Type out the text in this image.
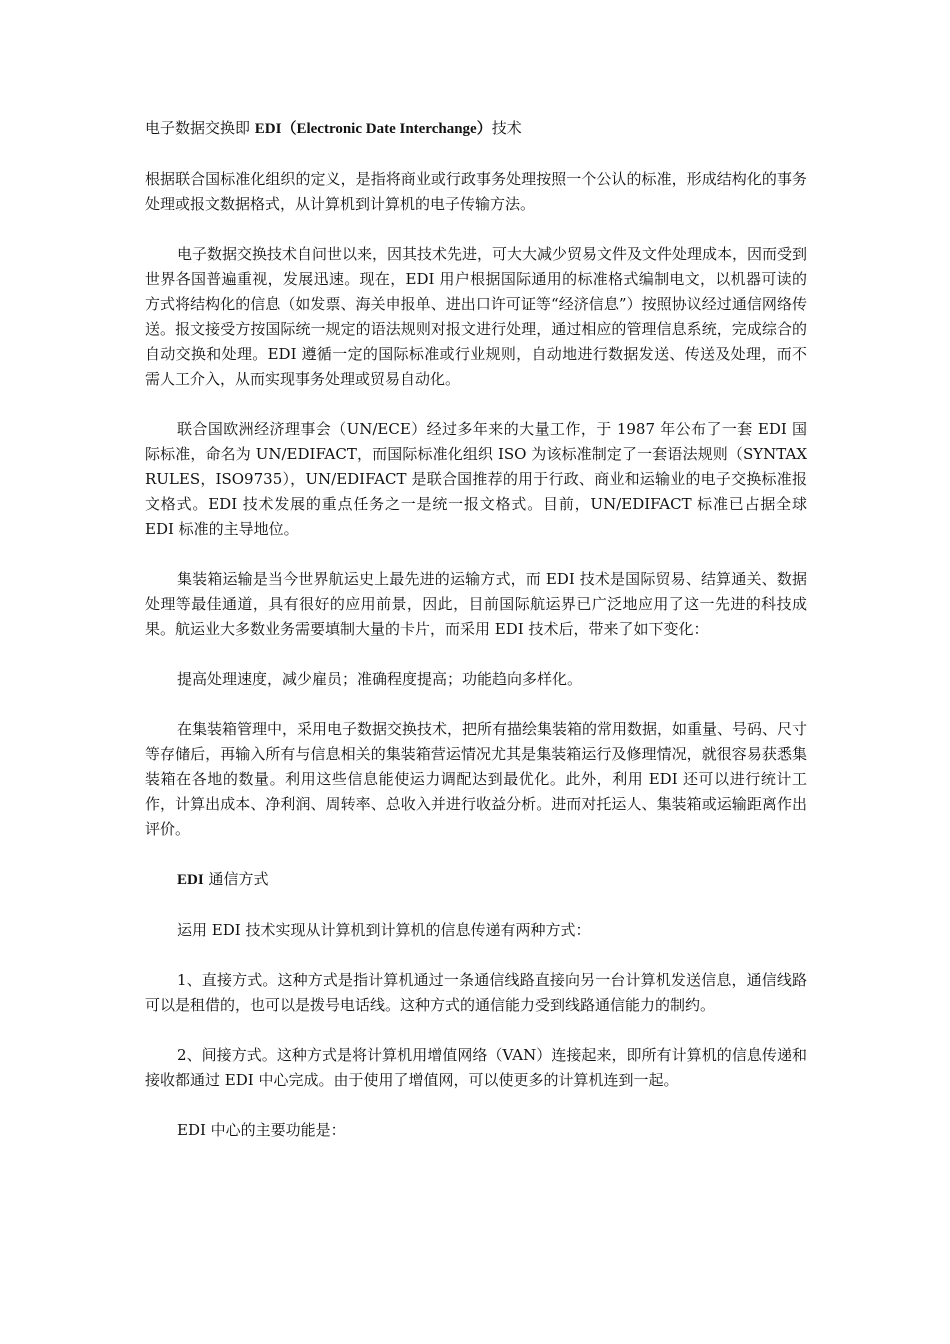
电子数据交换即 EDI（Electronic Date Interchange）技术

根据联合国标准化组织的定义，是指将商业或行政事务处理按照一个公认的标准，形成结构化的事务处理或报文数据格式，从计算机到计算机的电子传输方法。

电子数据交换技术自问世以来，因其技术先进，可大大减少贸易文件及文件处理成本，因而受到世界各国普遍重视，发展迅速。现在，EDI 用户根据国际通用的标准格式编制电文，以机器可读的方式将结构化的信息（如发票、海关申报单、进出口许可证等“经济信息”）按照协议经过通信网络传送。报文接受方按国际统一规定的语法规则对报文进行处理，通过相应的管理信息系统，完成综合的自动交换和处理。EDI 遵循一定的国际标准或行业规则，自动地进行数据发送、传送及处理，而不需人工介入，从而实现事务处理或贸易自动化。

联合国欧洲经济理事会（UN/ECE）经过多年来的大量工作，于 1987 年公布了一套 EDI 国际标准，命名为 UN/EDIFACT，而国际标准化组织 ISO 为该标准制定了一套语法规则（SYNTAX RULES，ISO9735），UN/EDIFACT 是联合国推荐的用于行政、商业和运输业的电子交换标准报文格式。EDI 技术发展的重点任务之一是统一报文格式。目前，UN/EDIFACT 标准已占据全球 EDI 标准的主导地位。

集装箱运输是当今世界航运史上最先进的运输方式，而 EDI 技术是国际贸易、结算通关、数据处理等最佳通道，具有很好的应用前景，因此，目前国际航运界已广泛地应用了这一先进的科技成果。航运业大多数业务需要填制大量的卡片，而采用 EDI 技术后，带来了如下变化：

提高处理速度，减少雇员；准确程度提高；功能趋向多样化。

在集装箱管理中，采用电子数据交换技术，把所有描绘集装箱的常用数据，如重量、号码、尺寸等存储后，再输入所有与信息相关的集装箱营运情况尤其是集装箱运行及修理情况，就很容易获悉集装箱在各地的数量。利用这些信息能使运力调配达到最优化。此外，利用 EDI 还可以进行统计工作，计算出成本、净利润、周转率、总收入并进行收益分析。进而对托运人、集装箱或运输距离作出评价。

EDI 通信方式

运用 EDI 技术实现从计算机到计算机的信息传递有两种方式：

1、直接方式。这种方式是指计算机通过一条通信线路直接向另一台计算机发送信息，通信线路可以是租借的，也可以是拨号电话线。这种方式的通信能力受到线路通信能力的制约。

2、间接方式。这种方式是将计算机用增值网络（VAN）连接起来，即所有计算机的信息传递和接收都通过 EDI 中心完成。由于使用了增值网，可以使更多的计算机连到一起。

EDI 中心的主要功能是：
